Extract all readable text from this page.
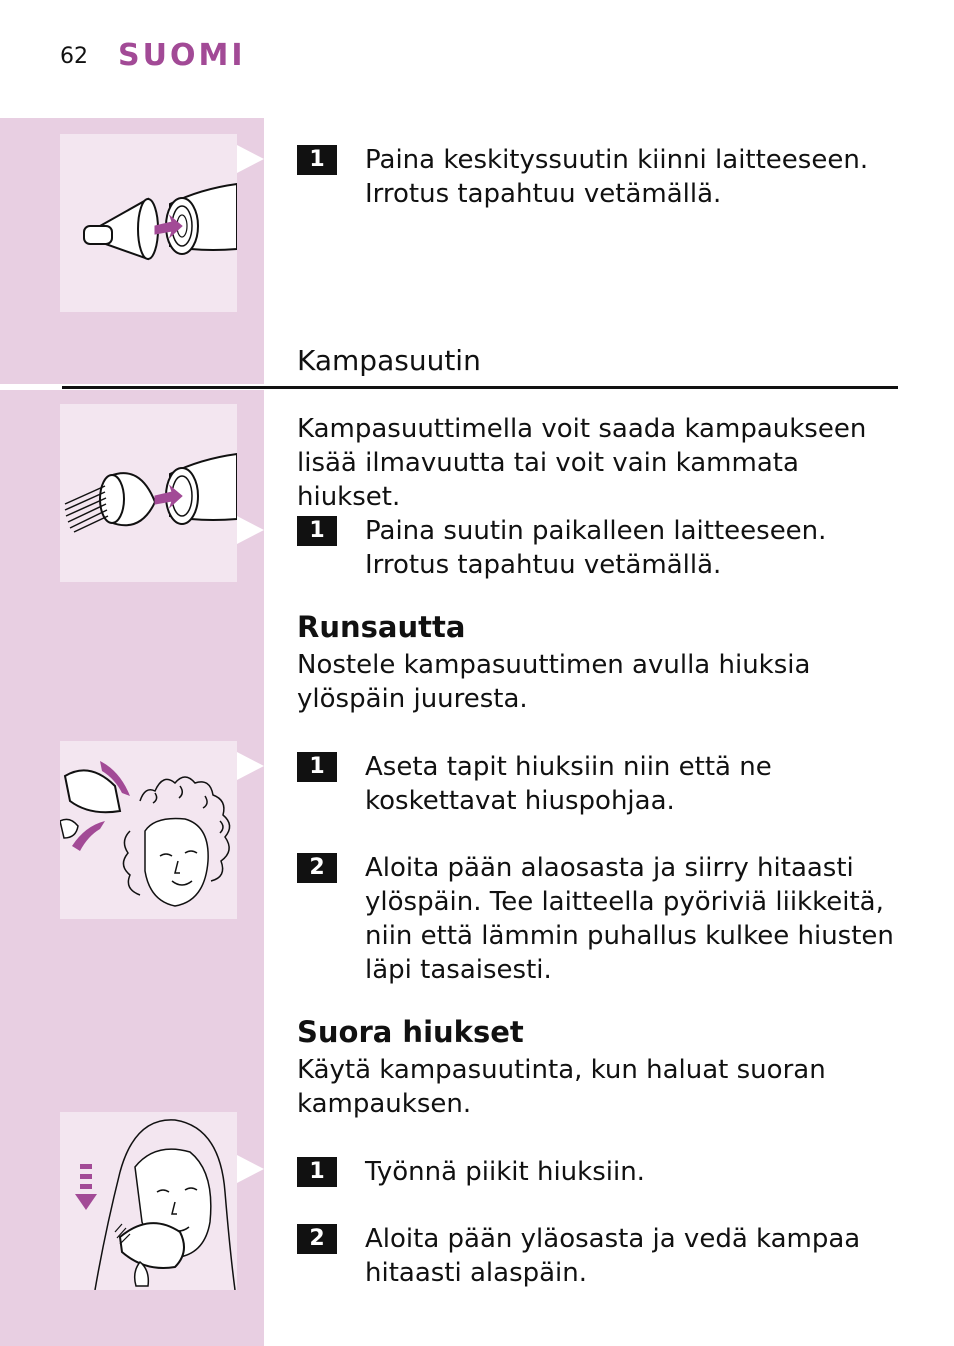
62 SUOMI
1	Paina keskityssuutin kiinni laitteeseen. Irrotus tapahtuu vetämällä.
Kampasuutin
Kampasuuttimella voit saada kampaukseen lisää ilmavuutta tai voit vain kammata hiukset.
1	Paina suutin paikalleen laitteeseen. Irrotus tapahtuu vetämällä.
Runsautta
Nostele kampasuuttimen avulla hiuksia ylöspäin juuresta.
1	Aseta tapit hiuksiin niin että ne koskettavat hiuspohjaa.
2	Aloita pään alaosasta ja siirry hitaasti ylöspäin. Tee laitteella pyöriviä liikkeitä, niin että lämmin puhallus kulkee hiusten läpi tasaisesti.
Suora hiukset
Käytä kampasuutinta, kun haluat suoran kampauksen.
1	Työnnä piikit hiuksiin.
2	Aloita pään yläosasta ja vedä kampaa hitaasti alaspäin.
